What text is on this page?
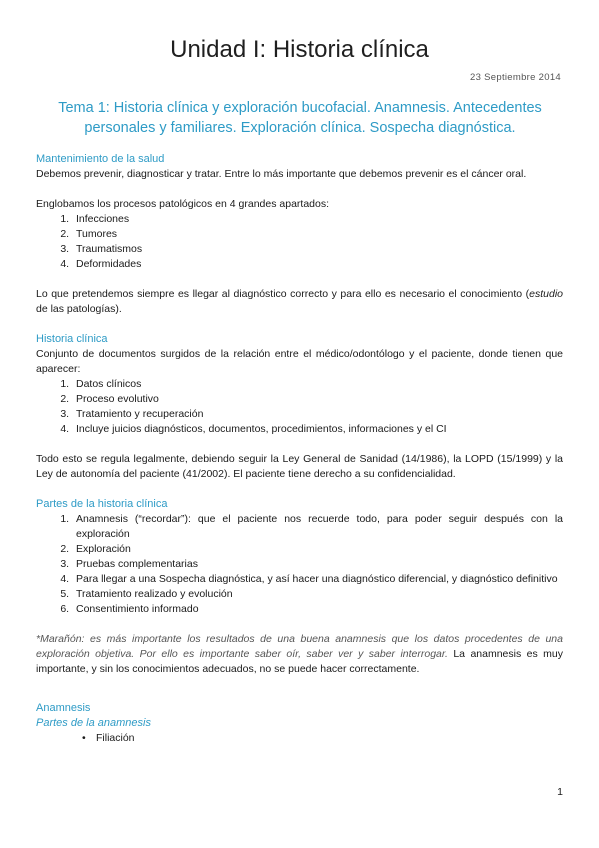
Unidad I: Historia clínica
23 Septiembre 2014
Tema 1: Historia clínica y exploración bucofacial. Anamnesis. Antecedentes personales y familiares. Exploración clínica. Sospecha diagnóstica.
Mantenimiento de la salud

Debemos prevenir, diagnosticar y tratar. Entre lo más importante que debemos prevenir es el cáncer oral.

Englobamos los procesos patológicos en 4 grandes apartados:

1. Infecciones
2. Tumores
3. Traumatismos
4. Deformidades

Lo que pretendemos siempre es llegar al diagnóstico correcto y para ello es necesario el conocimiento (estudio de las patologías).

Historia clínica

Conjunto de documentos surgidos de la relación entre el médico/odontólogo y el paciente, donde tienen que aparecer:

1. Datos clínicos
2. Proceso evolutivo
3. Tratamiento y recuperación
4. Incluye juicios diagnósticos, documentos, procedimientos, informaciones y el CI

Todo esto se regula legalmente, debiendo seguir la Ley General de Sanidad (14/1986), la LOPD (15/1999) y la Ley de autonomía del paciente (41/2002). El paciente tiene derecho a su confidencialidad.

Partes de la historia clínica
1. Anamnesis (“recordar”): que el paciente nos recuerde todo, para poder seguir después con la exploración
2. Exploración
3. Pruebas complementarias
4. Para llegar a una Sospecha diagnóstica, y así hacer una diagnóstico diferencial, y diagnóstico definitivo
5. Tratamiento realizado y evolución
6. Consentimiento informado

*Marañón: es más importante los resultados de una buena anamnesis que los datos procedentes de una exploración objetiva. Por ello es importante saber oír, saber ver y saber interrogar. La anamnesis es muy importante, y sin los conocimientos adecuados, no se puede hacer correctamente.

Anamnesis
Partes de la anamnesis
• Filiación
1
